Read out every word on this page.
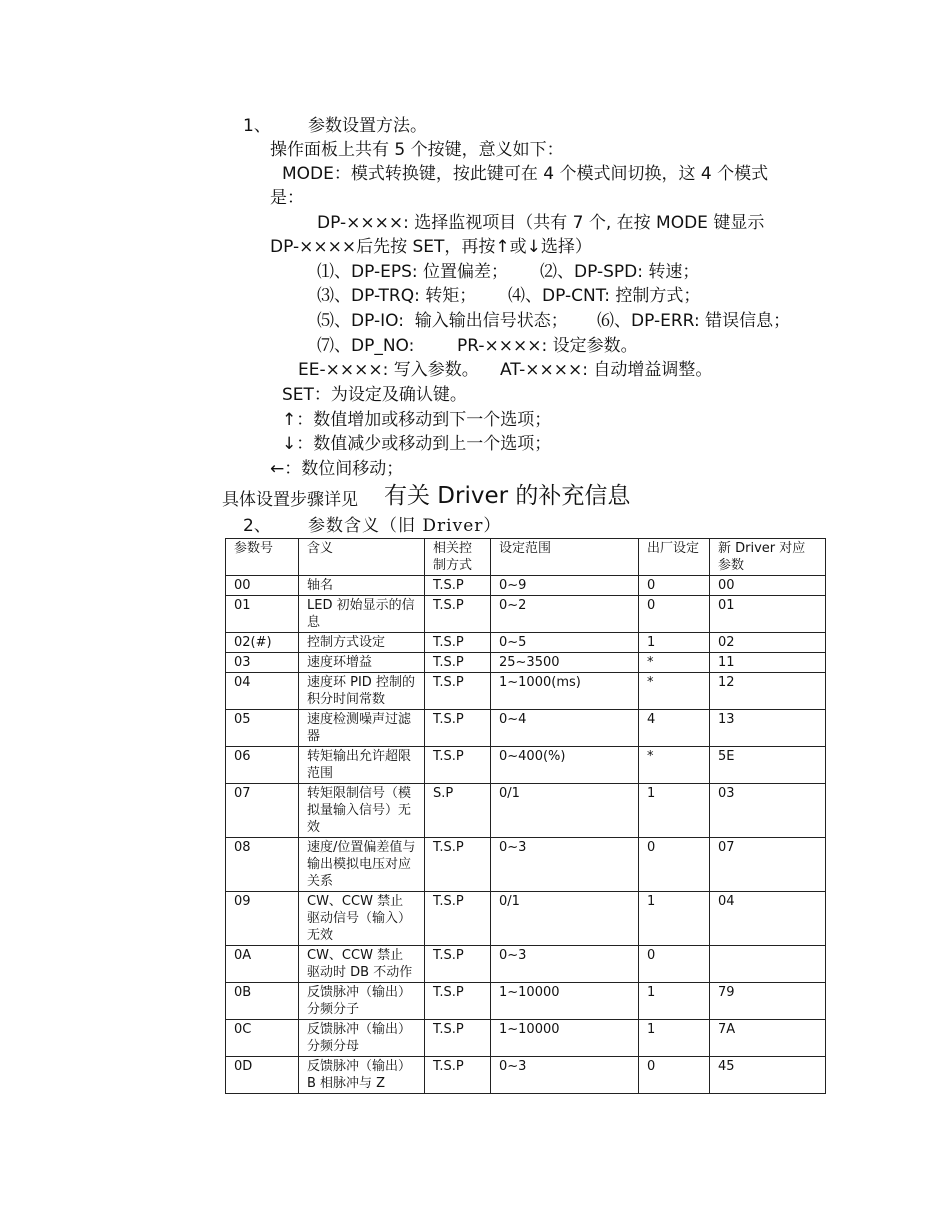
1、 参数设置方法。
操作面板上共有 5 个按键，意义如下：
MODE：模式转换键，按此键可在 4 个模式间切换，这 4 个模式
是：
DP-××××: 选择监视项目（共有 7 个, 在按 MODE 键显示
DP-××××后先按 SET，再按↑或↓选择）
⑴、DP-EPS: 位置偏差； ⑵、DP-SPD: 转速；
⑶、DP-TRQ: 转矩； ⑷、DP-CNT: 控制方式；
⑸、DP-IO:  输入输出信号状态； ⑹、DP-ERR: 错误信息；
⑺、DP_NO:	PR-××××: 设定参数。
EE-××××: 写入参数。 AT-××××: 自动增益调整。
SET：为设定及确认键。
↑：数值增加或移动到下一个选项；
↓：数值减少或移动到上一个选项；
←：数位间移动；
具体设置步骤详见 有关 Driver 的补充信息
2、 参数含义（旧 Driver）
参数号	含义	相关控制方式	设定范围	出厂设定	新 Driver 对应参数
00	轴名	T.S.P	0~9	0	00
01	LED 初始显示的信息	T.S.P	0~2	0	01
02(#)	控制方式设定	T.S.P	0~5	1	02
03	速度环增益	T.S.P	25~3500	*	11
04	速度环 PID 控制的积分时间常数	T.S.P	1~1000(ms)	*	12
05	速度检测噪声过滤器	T.S.P	0~4	4	13
06	转矩输出允许超限范围	T.S.P	0~400(%)	*	5E
07	转矩限制信号（模拟量输入信号）无效	S.P	0/1	1	03
08	速度/位置偏差值与输出模拟电压对应关系	T.S.P	0~3	0	07
09	CW、CCW 禁止驱动信号（输入）无效	T.S.P	0/1	1	04
0A	CW、CCW 禁止驱动时 DB 不动作	T.S.P	0~3	0	
0B	反馈脉冲（输出）分频分子	T.S.P	1~10000	1	79
0C	反馈脉冲（输出）分频分母	T.S.P	1~10000	1	7A
0D	反馈脉冲（输出）B 相脉冲与 Z	T.S.P	0~3	0	45
